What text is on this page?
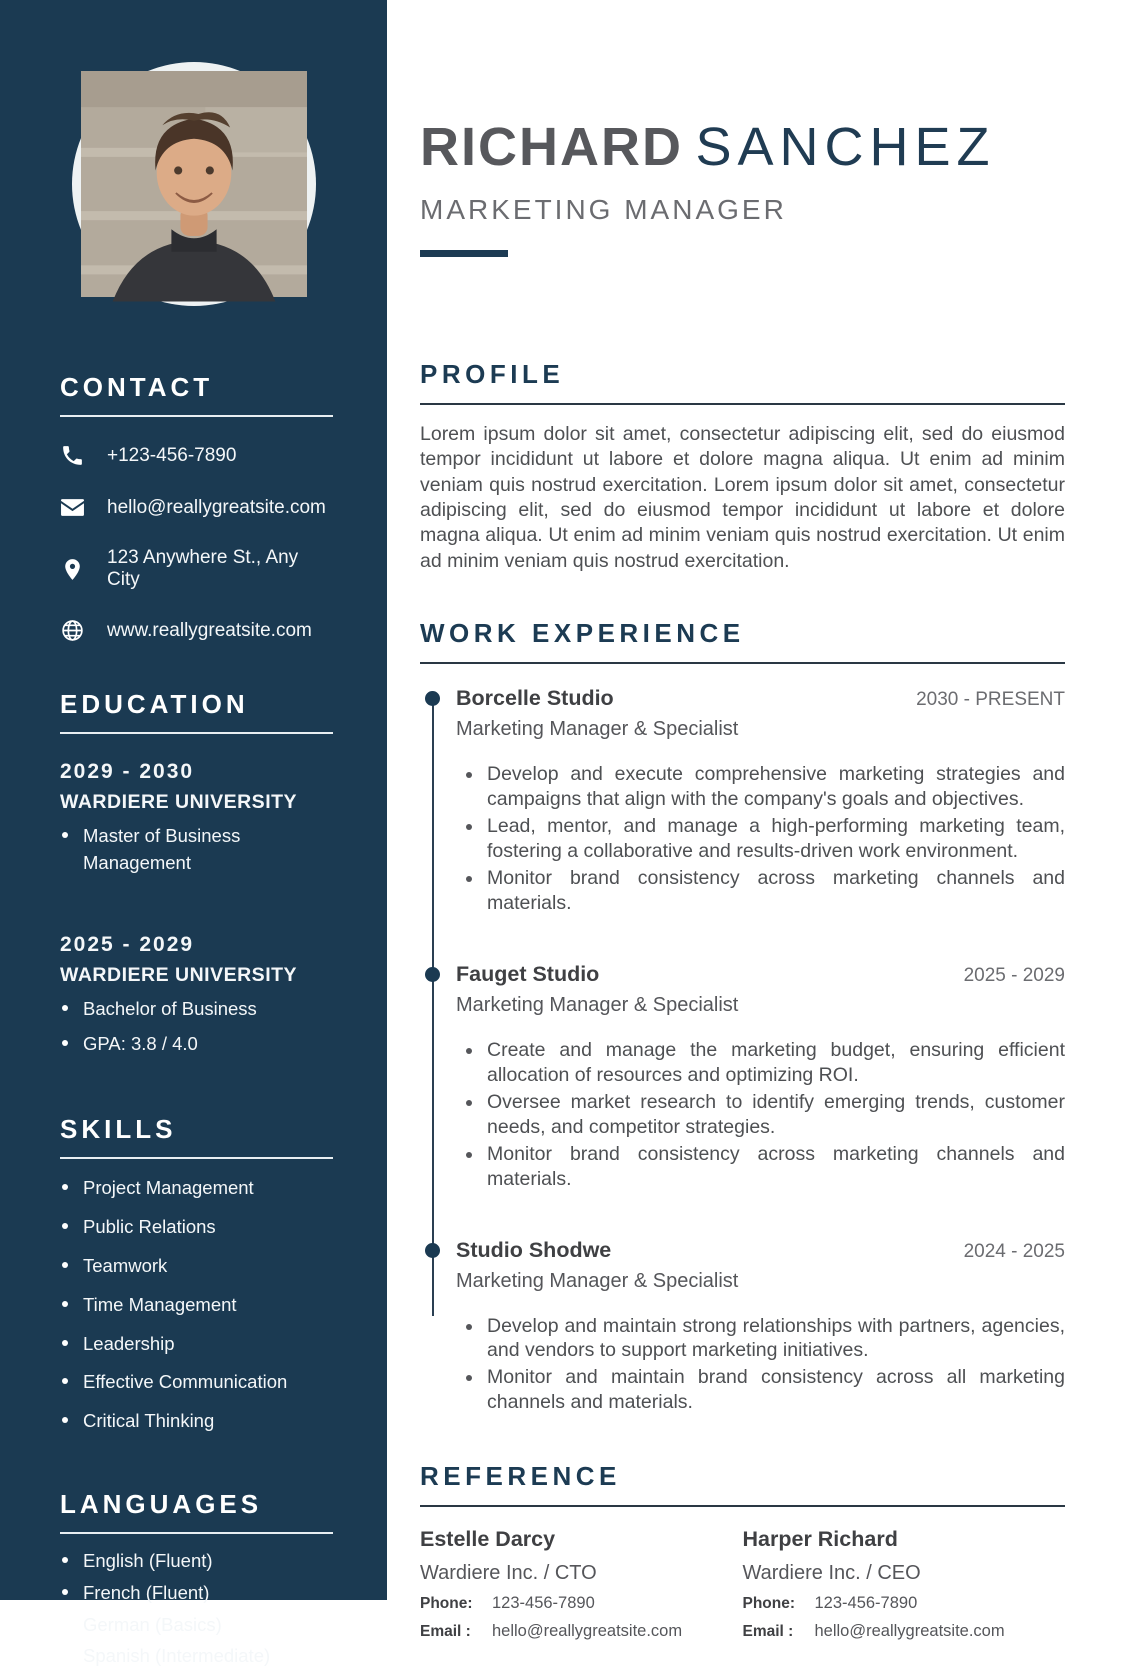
CONTACT
+123-456-7890
hello@reallygreatsite.com
123 Anywhere St., Any City
www.reallygreatsite.com
EDUCATION
2029 - 2030
WARDIERE UNIVERSITY
Master of Business Management
2025 - 2029
WARDIERE UNIVERSITY
Bachelor of Business
GPA: 3.8 / 4.0
SKILLS
Project Management
Public Relations
Teamwork
Time Management
Leadership
Effective Communication
Critical Thinking
LANGUAGES
English (Fluent)
French (Fluent)
German (Basics)
Spanish (Intermediate)
RICHARD SANCHEZ
MARKETING MANAGER
PROFILE

Lorem ipsum dolor sit amet, consectetur adipiscing elit, sed do eiusmod tempor incididunt ut labore et dolore magna aliqua. Ut enim ad minim veniam quis nostrud exercitation. Lorem ipsum dolor sit amet, consectetur adipiscing elit, sed do eiusmod tempor incididunt ut labore et dolore magna aliqua. Ut enim ad minim veniam quis nostrud exercitation. Ut enim ad minim veniam quis nostrud exercitation.

WORK EXPERIENCE
Borcelle Studio	2030 - PRESENT
Marketing Manager & Specialist
Develop and execute comprehensive marketing strategies and campaigns that align with the company's goals and objectives.
Lead, mentor, and manage a high-performing marketing team, fostering a collaborative and results-driven work environment.
Monitor brand consistency across marketing channels and materials.
Fauget Studio	2025 - 2029
Marketing Manager & Specialist
Create and manage the marketing budget, ensuring efficient allocation of resources and optimizing ROI.
Oversee market research to identify emerging trends, customer needs, and competitor strategies.
Monitor brand consistency across marketing channels and materials.
Studio Shodwe	2024 - 2025
Marketing Manager & Specialist
Develop and maintain strong relationships with partners, agencies, and vendors to support marketing initiatives.
Monitor and maintain brand consistency across all marketing channels and materials.
REFERENCE
Estelle Darcy
Wardiere Inc. / CTO
Phone:	123-456-7890
Email :	hello@reallygreatsite.com
Harper Richard
Wardiere Inc. / CEO
Phone:	123-456-7890
Email :	hello@reallygreatsite.com
